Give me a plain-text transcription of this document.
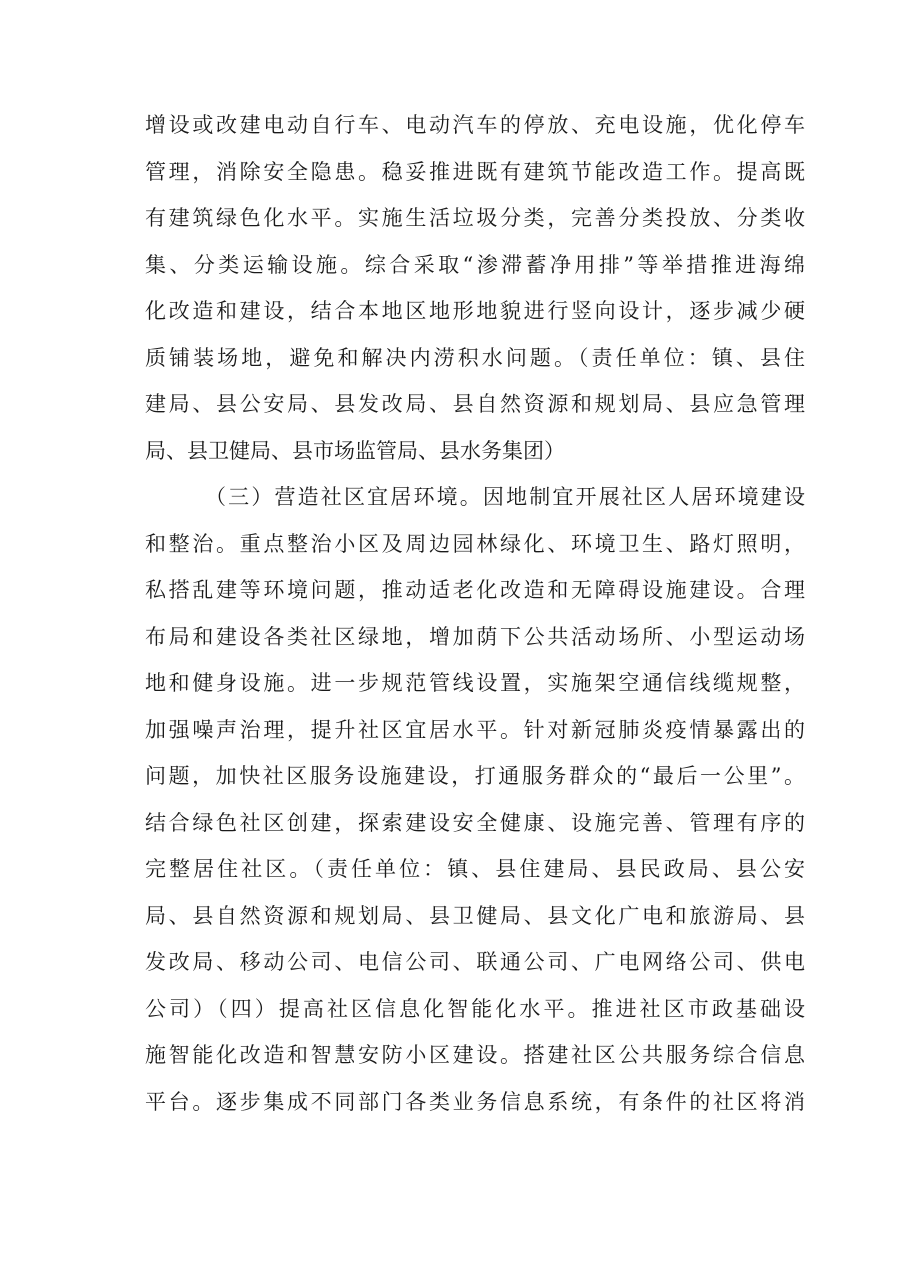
增设或改建电动自行车、电动汽车的停放、充电设施，优化停车
管理，消除安全隐患。稳妥推进既有建筑节能改造工作。提高既
有建筑绿色化水平。实施生活垃圾分类，完善分类投放、分类收
集、分类运输设施。综合采取“渗滞蓄净用排”等举措推进海绵
化改造和建设，结合本地区地形地貌进行竖向设计，逐步减少硬
质铺装场地，避免和解决内涝积水问题。（责任单位：镇、县住
建局、县公安局、县发改局、县自然资源和规划局、县应急管理
局、县卫健局、县市场监管局、县水务集团）
（三）营造社区宜居环境。因地制宜开展社区人居环境建设
和整治。重点整治小区及周边园林绿化、环境卫生、路灯照明，
私搭乱建等环境问题，推动适老化改造和无障碍设施建设。合理
布局和建设各类社区绿地，增加荫下公共活动场所、小型运动场
地和健身设施。进一步规范管线设置，实施架空通信线缆规整，
加强噪声治理，提升社区宜居水平。针对新冠肺炎疫情暴露出的
问题，加快社区服务设施建设，打通服务群众的“最后一公里”。
结合绿色社区创建，探索建设安全健康、设施完善、管理有序的
完整居住社区。（责任单位：镇、县住建局、县民政局、县公安
局、县自然资源和规划局、县卫健局、县文化广电和旅游局、县
发改局、移动公司、电信公司、联通公司、广电网络公司、供电
公司）（四）提高社区信息化智能化水平。推进社区市政基础设
施智能化改造和智慧安防小区建设。搭建社区公共服务综合信息
平台。逐步集成不同部门各类业务信息系统，有条件的社区将消
